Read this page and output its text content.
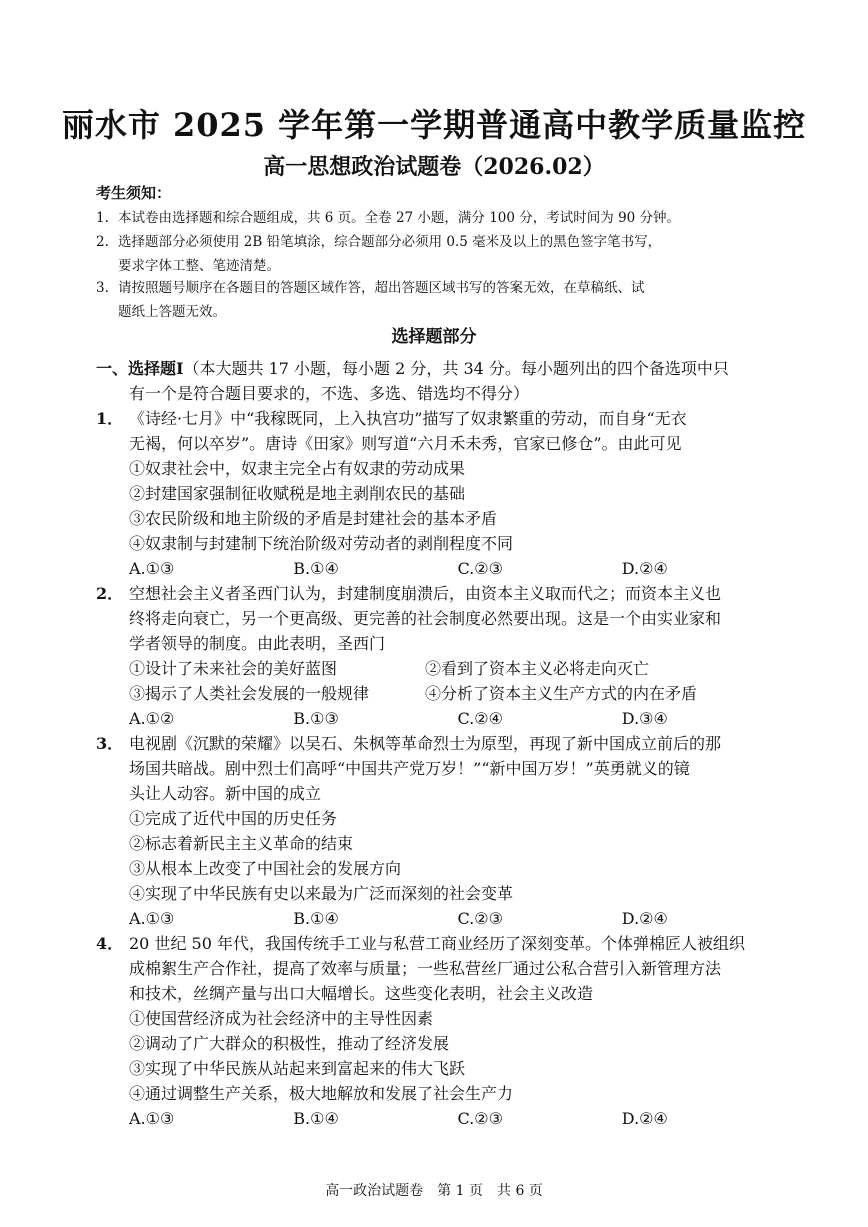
丽水市 2025 学年第一学期普通高中教学质量监控
高一思想政治试题卷（2026.02）
考生须知：
1. 本试卷由选择题和综合题组成，共 6 页。全卷 27 小题，满分 100 分，考试时间为 90 分钟。
2. 选择题部分必须使用 2B 铅笔填涂，综合题部分必须用 0.5 毫米及以上的黑色签字笔书写，
要求字体工整、笔迹清楚。
3. 请按照题号顺序在各题目的答题区域作答，超出答题区域书写的答案无效，在草稿纸、试
题纸上答题无效。
选择题部分
一、选择题Ⅰ（本大题共 17 小题，每小题 2 分，共 34 分。每小题列出的四个备选项中只
有一个是符合题目要求的，不选、多选、错选均不得分）
1． 《诗经·七月》中“我稼既同，上入执宫功”描写了奴隶繁重的劳动，而自身“无衣
无褐，何以卒岁”。唐诗《田家》则写道“六月禾未秀，官家已修仓”。由此可见
①奴隶社会中，奴隶主完全占有奴隶的劳动成果
②封建国家强制征收赋税是地主剥削农民的基础
③农民阶级和地主阶级的矛盾是封建社会的基本矛盾
④奴隶制与封建制下统治阶级对劳动者的剥削程度不同
A.①③	B.①④	C.②③	D.②④
2． 空想社会主义者圣西门认为，封建制度崩溃后，由资本主义取而代之；而资本主义也
终将走向衰亡，另一个更高级、更完善的社会制度必然要出现。这是一个由实业家和
学者领导的制度。由此表明，圣西门
①设计了未来社会的美好蓝图	②看到了资本主义必将走向灭亡
③揭示了人类社会发展的一般规律	④分析了资本主义生产方式的内在矛盾
A.①②	B.①③	C.②④	D.③④
3． 电视剧《沉默的荣耀》以吴石、朱枫等革命烈士为原型，再现了新中国成立前后的那
场国共暗战。剧中烈士们高呼“中国共产党万岁！”“新中国万岁！”英勇就义的镜
头让人动容。新中国的成立
①完成了近代中国的历史任务
②标志着新民主主义革命的结束
③从根本上改变了中国社会的发展方向
④实现了中华民族有史以来最为广泛而深刻的社会变革
A.①③	B.①④	C.②③	D.②④
4． 20 世纪 50 年代，我国传统手工业与私营工商业经历了深刻变革。个体弹棉匠人被组织
成棉絮生产合作社，提高了效率与质量；一些私营丝厂通过公私合营引入新管理方法
和技术，丝绸产量与出口大幅增长。这些变化表明，社会主义改造
①使国营经济成为社会经济中的主导性因素
②调动了广大群众的积极性，推动了经济发展
③实现了中华民族从站起来到富起来的伟大飞跃
④通过调整生产关系，极大地解放和发展了社会生产力
A.①③	B.①④	C.②③	D.②④
高一政治试题卷　第 1 页　共 6 页
